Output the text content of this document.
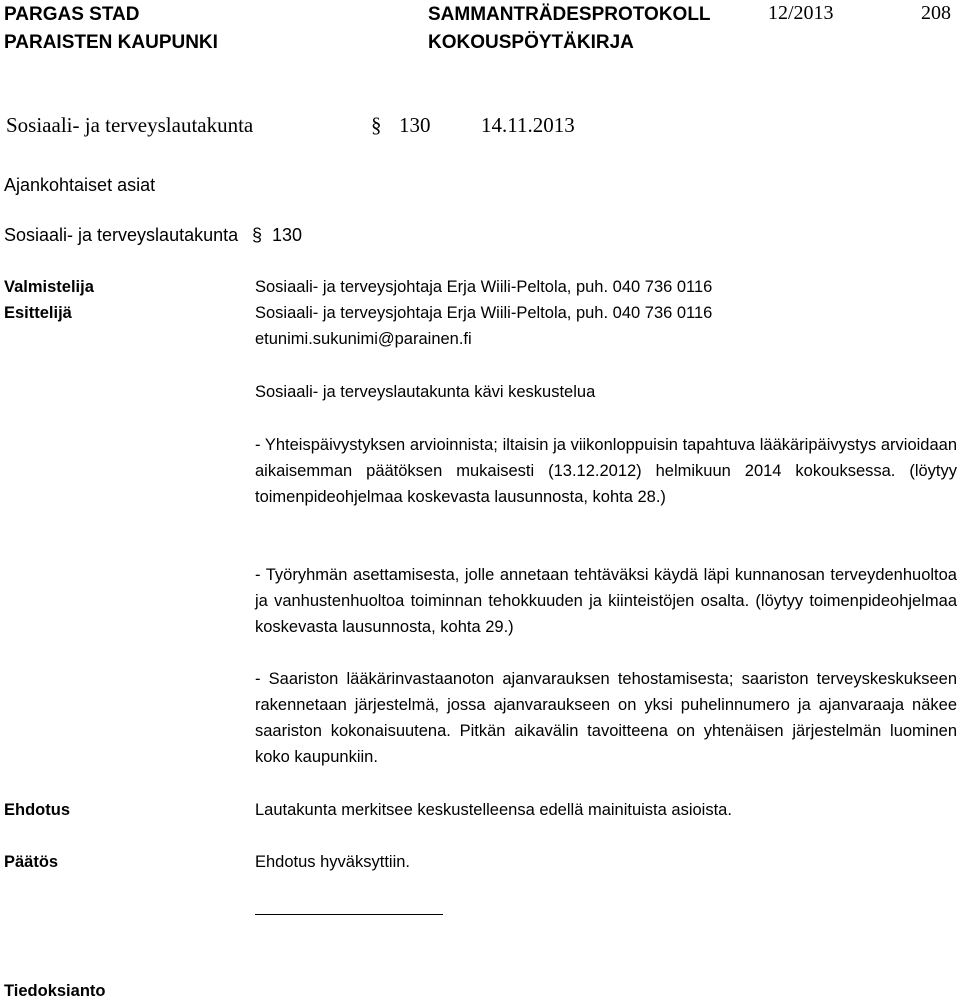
PARGAS STAD
PARAISTEN KAUPUNKI
SAMMANTRÄDESPROTOKOLL
KOKOUSPÖYTÄKIRJA
12/2013	208
Sosiaali- ja terveyslautakunta	§ 130 14.11.2013
Ajankohtaiset asiat
Sosiaali- ja terveyslautakunta § 130
Valmistelija	Sosiaali- ja terveysjohtaja Erja Wiili-Peltola, puh. 040 736 0116
Esittelijä	Sosiaali- ja terveysjohtaja Erja Wiili-Peltola, puh. 040 736 0116
etunimi.sukunimi@parainen.fi
Sosiaali- ja terveyslautakunta kävi keskustelua

- Yhteispäivystyksen arvioinnista; iltaisin ja viikonloppuisin tapahtuva lääkäripäivystys arvioidaan aikaisemman päätöksen mukaisesti (13.12.2012) helmikuun 2014 kokouksessa. (löytyy toimenpideohjelmaa koskevasta lausunnosta, kohta 28.)

- Työryhmän asettamisesta, jolle annetaan tehtäväksi käydä läpi kunnanosan terveydenhuoltoa ja vanhustenhuoltoa toiminnan tehokkuuden ja kiinteistöjen osalta. (löytyy toimenpideohjelmaa koskevasta lausunnosta, kohta 29.)

- Saariston lääkärinvastaanoton ajanvarauksen tehostamisesta; saariston terveyskeskukseen rakennetaan järjestelmä, jossa ajanvaraukseen on yksi puhelinnumero ja ajanvaraaja näkee saariston kokonaisuutena. Pitkän aikavälin tavoitteena on yhtenäisen järjestelmän luominen koko kaupunkiin.

Ehdotus	Lautakunta merkitsee keskustelleensa edellä mainituista asioista.
Päätös	Ehdotus hyväksyttiin.
Tiedoksianto
